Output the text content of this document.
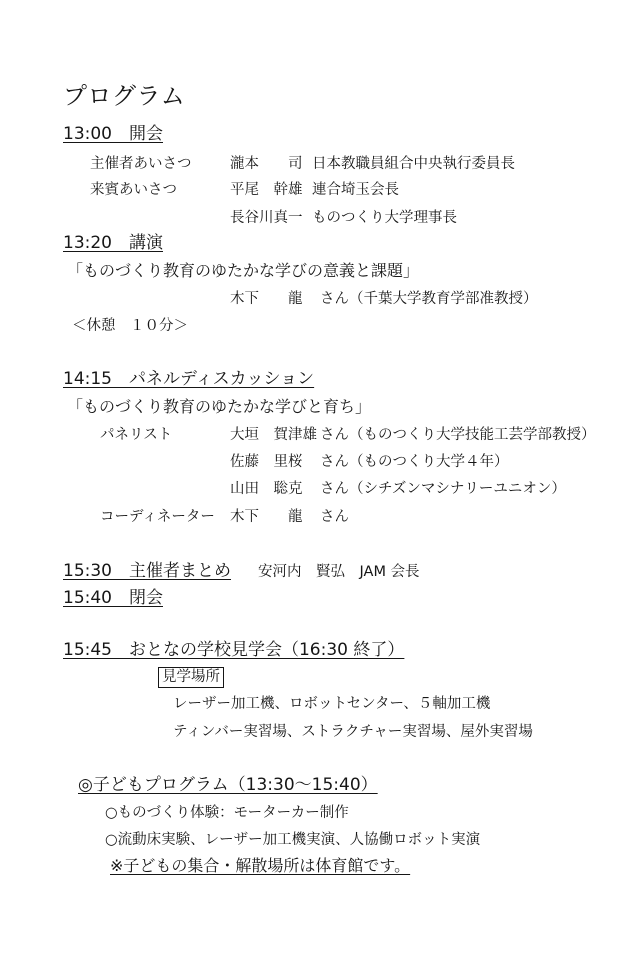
プログラム
13:00　開会
主催者あいさつ	瀧本　　司 日本教職員組合中央執行委員長
来賓あいさつ	平尾　幹雄 連合埼玉会長
長谷川真一 ものつくり大学理事長
13:20　講演
「ものづくり教育のゆたかな学びの意義と課題」
木下　　龍 さん（千葉大学教育学部准教授）
＜休憩　１０分＞
14:15　パネルディスカッション
「ものづくり教育のゆたかな学びと育ち」
パネリスト	大垣　賀津雄 さん（ものつくり大学技能工芸学部教授）
佐藤　里桜 さん（ものつくり大学４年）
山田　聡克 さん（シチズンマシナリーユニオン）
コーディネーター 木下　　龍 さん
15:30　主催者まとめ 安河内　賢弘　JAM 会長
15:40　閉会
15:45　おとなの学校見学会（16:30 終了）
見学場所
レーザー加工機、ロボットセンター、５軸加工機
ティンバー実習場、ストラクチャー実習場、屋外実習場
◎子どもプログラム（13:30〜15:40）
○ものづくり体験：モーターカー制作
○流動床実験、レーザー加工機実演、人協働ロボット実演
※子どもの集合・解散場所は体育館です。
